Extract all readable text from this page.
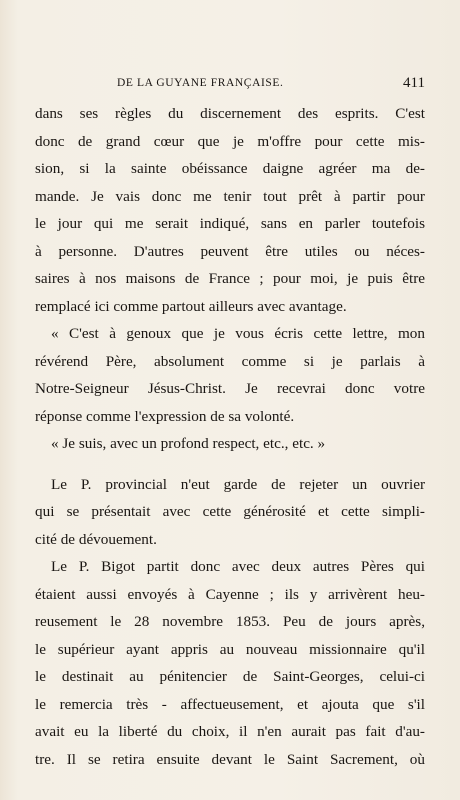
DE LA GUYANE FRANÇAISE.	411
dans ses règles du discernement des esprits. C'est
donc de grand cœur que je m'offre pour cette mis-
sion, si la sainte obéissance daigne agréer ma de-
mande. Je vais donc me tenir tout prêt à partir pour
le jour qui me serait indiqué, sans en parler toutefois
à personne. D'autres peuvent être utiles ou néces-
saires à nos maisons de France ; pour moi, je puis être
remplacé ici comme partout ailleurs avec avantage.
« C'est à genoux que je vous écris cette lettre, mon
révérend Père, absolument comme si je parlais à
Notre-Seigneur Jésus-Christ. Je recevrai donc votre
réponse comme l'expression de sa volonté.
« Je suis, avec un profond respect, etc., etc. »
Le P. provincial n'eut garde de rejeter un ouvrier
qui se présentait avec cette générosité et cette simpli-
cité de dévouement.
Le P. Bigot partit donc avec deux autres Pères qui
étaient aussi envoyés à Cayenne ; ils y arrivèrent heu-
reusement le 28 novembre 1853. Peu de jours après,
le supérieur ayant appris au nouveau missionnaire qu'il
le destinait au pénitencier de Saint-Georges, celui-ci
le remercia très - affectueusement, et ajouta que s'il
avait eu la liberté du choix, il n'en aurait pas fait d'au-
tre. Il se retira ensuite devant le Saint Sacrement, où
